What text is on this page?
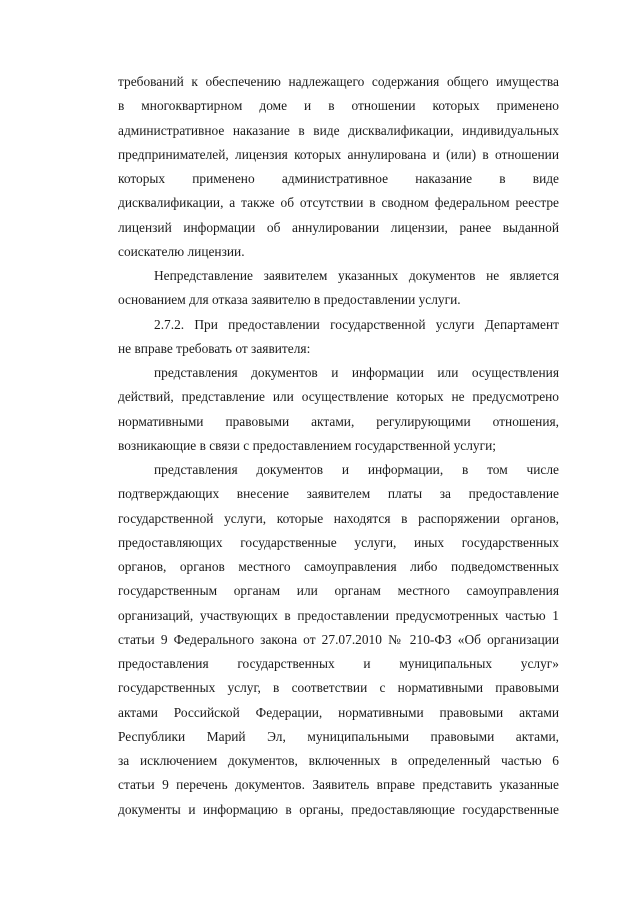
требований к обеспечению надлежащего содержания общего имущества
в многоквартирном доме и в отношении которых применено
административное наказание в виде дисквалификации, индивидуальных
предпринимателей, лицензия которых аннулирована и (или) в отношении
которых применено административное наказание в виде
дисквалификации, а также об отсутствии в сводном федеральном реестре
лицензий информации об аннулировании лицензии, ранее выданной
соискателю лицензии.
Непредставление заявителем указанных документов не является
основанием для отказа заявителю в предоставлении услуги.
2.7.2. При предоставлении государственной услуги Департамент
не вправе требовать от заявителя:
представления документов и информации или осуществления
действий, представление или осуществление которых не предусмотрено
нормативными правовыми актами, регулирующими отношения,
возникающие в связи с предоставлением государственной услуги;
представления документов и информации, в том числе
подтверждающих внесение заявителем платы за предоставление
государственной услуги, которые находятся в распоряжении органов,
предоставляющих государственные услуги, иных государственных
органов, органов местного самоуправления либо подведомственных
государственным органам или органам местного самоуправления
организаций, участвующих в предоставлении предусмотренных частью 1
статьи 9 Федерального закона от 27.07.2010 № 210-ФЗ «Об организации
предоставления государственных и муниципальных услуг»
государственных услуг, в соответствии с нормативными правовыми
актами Российской Федерации, нормативными правовыми актами
Республики Марий Эл, муниципальными правовыми актами,
за исключением документов, включенных в определенный частью 6
статьи 9 перечень документов. Заявитель вправе представить указанные
документы и информацию в органы, предоставляющие государственные
